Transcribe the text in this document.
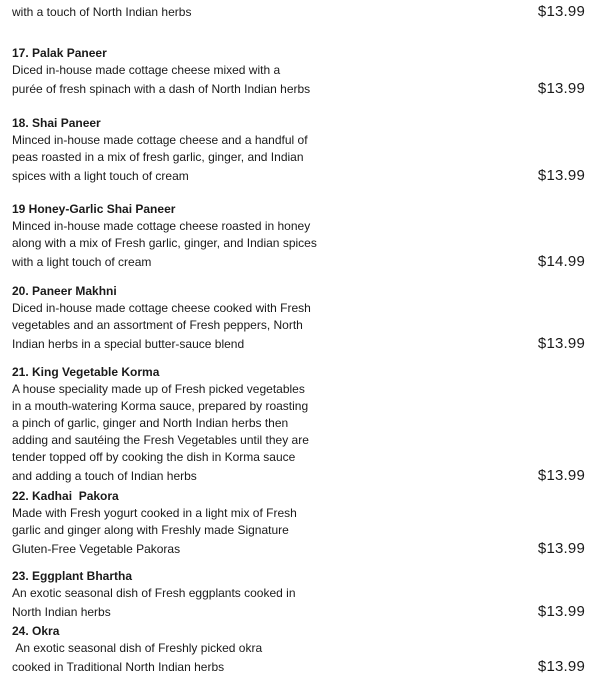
with a touch of North Indian herbs	$13.99
17. Palak Paneer
Diced in-house made cottage cheese mixed with a
purée of fresh spinach with a dash of North Indian herbs	$13.99
18. Shai Paneer
Minced in-house made cottage cheese and a handful of
peas roasted in a mix of fresh garlic, ginger, and Indian
spices with a light touch of cream	$13.99
19 Honey-Garlic Shai Paneer
Minced in-house made cottage cheese roasted in honey
along with a mix of Fresh garlic, ginger, and Indian spices
with a light touch of cream	$14.99
20. Paneer Makhni
Diced in-house made cottage cheese cooked with Fresh
vegetables and an assortment of Fresh peppers, North
Indian herbs in a special butter-sauce blend	$13.99
21. King Vegetable Korma
A house speciality made up of Fresh picked vegetables
in a mouth-watering Korma sauce, prepared by roasting
a pinch of garlic, ginger and North Indian herbs then
adding and sautéing the Fresh Vegetables until they are
tender topped off by cooking the dish in Korma sauce
and adding a touch of Indian herbs	$13.99
22. Kadhai  Pakora
Made with Fresh yogurt cooked in a light mix of Fresh
garlic and ginger along with Freshly made Signature
Gluten-Free Vegetable Pakoras	$13.99
23. Eggplant Bhartha
An exotic seasonal dish of Fresh eggplants cooked in
North Indian herbs	$13.99
24. Okra
An exotic seasonal dish of Freshly picked okra
cooked in Traditional North Indian herbs	$13.99
